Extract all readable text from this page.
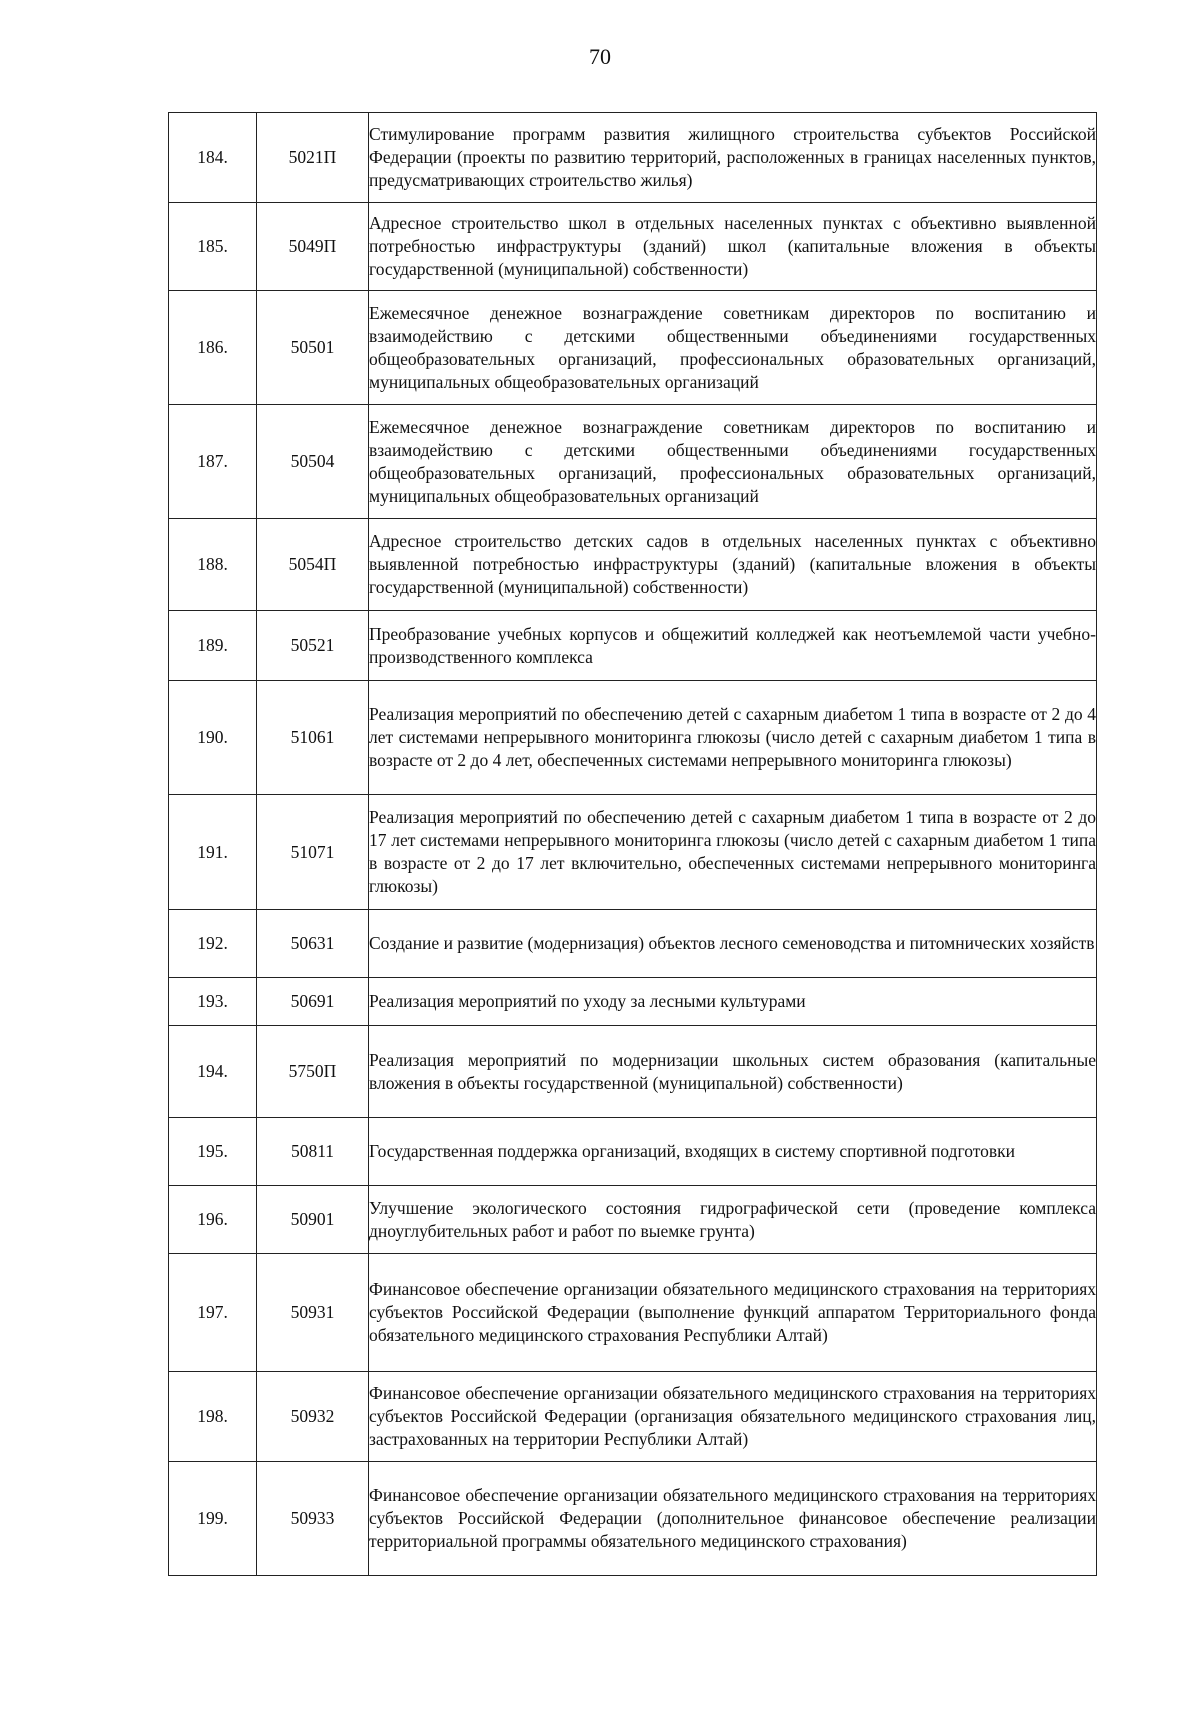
70
184.	5021П	Стимулирование программ развития жилищного строительства субъектов Российской Федерации (проекты по развитию территорий, расположенных в границах населенных пунктов, предусматривающих строительство жилья)
185.	5049П	Адресное строительство школ в отдельных населенных пунктах с объективно выявленной потребностью инфраструктуры (зданий) школ (капитальные вложения в объекты государственной (муниципальной) собственности)
186.	50501	Ежемесячное денежное вознаграждение советникам директоров по воспитанию и взаимодействию с детскими общественными объединениями государственных общеобразовательных организаций, профессиональных образовательных организаций, муниципальных общеобразовательных организаций
187.	50504	Ежемесячное денежное вознаграждение советникам директоров по воспитанию и взаимодействию с детскими общественными объединениями государственных общеобразовательных организаций, профессиональных образовательных организаций, муниципальных общеобразовательных организаций
188.	5054П	Адресное строительство детских садов в отдельных населенных пунктах с объективно выявленной потребностью инфраструктуры (зданий) (капитальные вложения в объекты государственной (муниципальной) собственности)
189.	50521	Преобразование учебных корпусов и общежитий колледжей как неотъемлемой части учебно-производственного комплекса
190.	51061	Реализация мероприятий по обеспечению детей с сахарным диабетом 1 типа в возрасте от 2 до 4 лет системами непрерывного мониторинга глюкозы (число детей с сахарным диабетом 1 типа в возрасте от 2 до 4 лет, обеспеченных системами непрерывного мониторинга глюкозы)
191.	51071	Реализация мероприятий по обеспечению детей с сахарным диабетом 1 типа в возрасте от 2 до 17 лет системами непрерывного мониторинга глюкозы (число детей с сахарным диабетом 1 типа в возрасте от 2 до 17 лет включительно, обеспеченных системами непрерывного мониторинга глюкозы)
192.	50631	Создание и развитие (модернизация) объектов лесного семеноводства и питомнических хозяйств
193.	50691	Реализация мероприятий по уходу за лесными культурами
194.	5750П	Реализация мероприятий по модернизации школьных систем образования (капитальные вложения в объекты государственной (муниципальной) собственности)
195.	50811	Государственная поддержка организаций, входящих в систему спортивной подготовки
196.	50901	Улучшение экологического состояния гидрографической сети (проведение комплекса дноуглубительных работ и работ по выемке грунта)
197.	50931	Финансовое обеспечение организации обязательного медицинского страхования на территориях субъектов Российской Федерации (выполнение функций аппаратом Территориального фонда обязательного медицинского страхования Республики Алтай)
198.	50932	Финансовое обеспечение организации обязательного медицинского страхования на территориях субъектов Российской Федерации (организация обязательного медицинского страхования лиц, застрахованных на территории Республики Алтай)
199.	50933	Финансовое обеспечение организации обязательного медицинского страхования на территориях субъектов Российской Федерации (дополнительное финансовое обеспечение реализации территориальной программы обязательного медицинского страхования)
